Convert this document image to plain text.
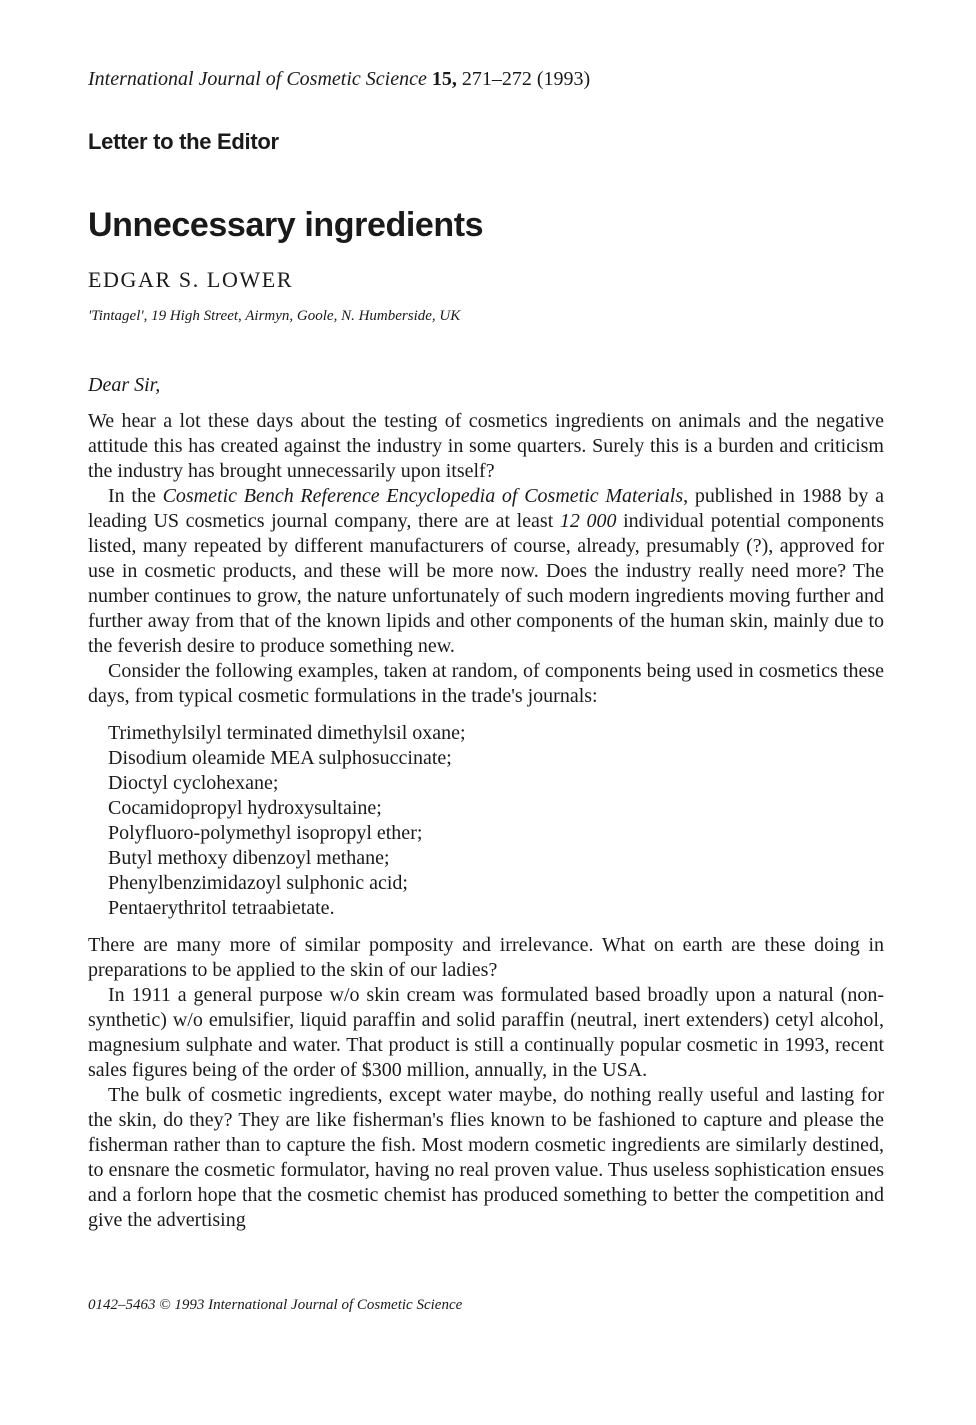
International Journal of Cosmetic Science 15, 271–272 (1993)
Letter to the Editor
Unnecessary ingredients
EDGAR S. LOWER
'Tintagel', 19 High Street, Airmyn, Goole, N. Humberside, UK
Dear Sir,

We hear a lot these days about the testing of cosmetics ingredients on animals and the negative attitude this has created against the industry in some quarters. Surely this is a burden and criticism the industry has brought unnecessarily upon itself?

In the Cosmetic Bench Reference Encyclopedia of Cosmetic Materials, published in 1988 by a leading US cosmetics journal company, there are at least 12 000 individual potential components listed, many repeated by different manufacturers of course, already, presumably (?), approved for use in cosmetic products, and these will be more now. Does the industry really need more? The number continues to grow, the nature unfortunately of such modern ingredients moving further and further away from that of the known lipids and other components of the human skin, mainly due to the feverish desire to produce something new.

Consider the following examples, taken at random, of components being used in cosmetics these days, from typical cosmetic formulations in the trade's journals:

Trimethylsilyl terminated dimethylsil oxane;
Disodium oleamide MEA sulphosuccinate;
Dioctyl cyclohexane;
Cocamidopropyl hydroxysultaine;
Polyfluoro-polymethyl isopropyl ether;
Butyl methoxy dibenzoyl methane;
Phenylbenzimidazoyl sulphonic acid;
Pentaerythritol tetraabietate.

There are many more of similar pomposity and irrelevance. What on earth are these doing in preparations to be applied to the skin of our ladies?

In 1911 a general purpose w/o skin cream was formulated based broadly upon a natural (non-synthetic) w/o emulsifier, liquid paraffin and solid paraffin (neutral, inert extenders) cetyl alcohol, magnesium sulphate and water. That product is still a continually popular cosmetic in 1993, recent sales figures being of the order of $300 million, annually, in the USA.

The bulk of cosmetic ingredients, except water maybe, do nothing really useful and lasting for the skin, do they? They are like fisherman's flies known to be fashioned to capture and please the fisherman rather than to capture the fish. Most modern cosmetic ingredients are similarly destined, to ensnare the cosmetic formulator, having no real proven value. Thus useless sophistication ensues and a forlorn hope that the cosmetic chemist has produced something to better the competition and give the advertising

0142–5463 © 1993 International Journal of Cosmetic Science
